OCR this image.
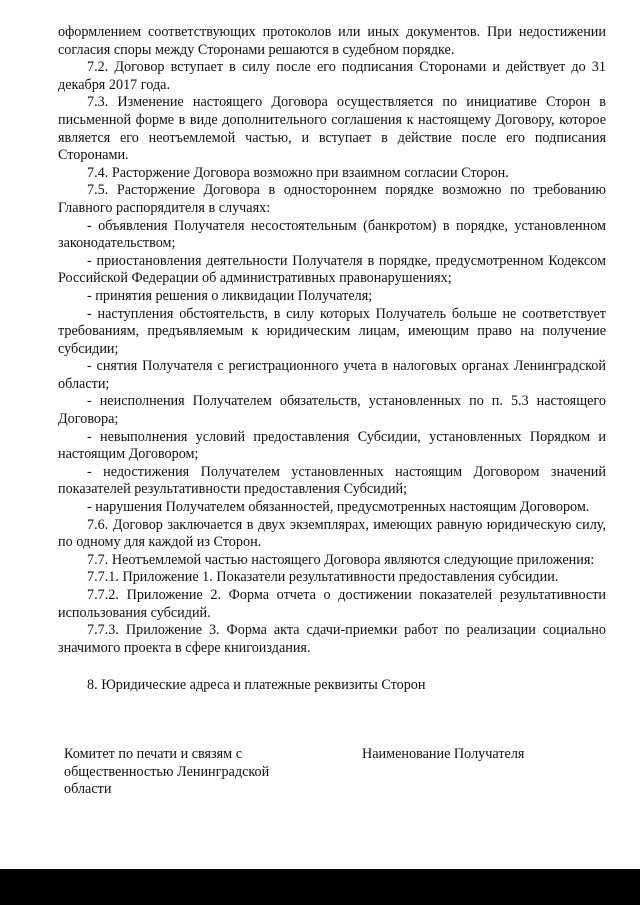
оформлением соответствующих протоколов или иных документов. При недостижении согласия споры между Сторонами решаются в судебном порядке.

7.2. Договор вступает в силу после его подписания Сторонами и действует до 31 декабря 2017 года.

7.3. Изменение настоящего Договора осуществляется по инициативе Сторон в письменной форме в виде дополнительного соглашения к настоящему Договору, которое является его неотъемлемой частью, и вступает в действие после его подписания Сторонами.

7.4. Расторжение Договора возможно при взаимном согласии Сторон.

7.5. Расторжение Договора в одностороннем порядке возможно по требованию Главного распорядителя в случаях:

- объявления Получателя несостоятельным (банкротом) в порядке, установленном законодательством;

- приостановления деятельности Получателя в порядке, предусмотренном Кодексом Российской Федерации об административных правонарушениях;

- принятия решения о ликвидации Получателя;

- наступления обстоятельств, в силу которых Получатель больше не соответствует требованиям, предъявляемым к юридическим лицам, имеющим право на получение субсидии;

- снятия Получателя с регистрационного учета в налоговых органах Ленинградской области;

- неисполнения Получателем обязательств, установленных по п. 5.3 настоящего Договора;

- невыполнения условий предоставления Субсидии, установленных Порядком и настоящим Договором;

- недостижения Получателем установленных настоящим Договором значений показателей результативности предоставления Субсидий;

- нарушения Получателем обязанностей, предусмотренных настоящим Договором.

7.6. Договор заключается в двух экземплярах, имеющих равную юридическую силу, по одному для каждой из Сторон.

7.7. Неотъемлемой частью настоящего Договора являются следующие приложения:

7.7.1. Приложение 1. Показатели результативности предоставления субсидии.

7.7.2. Приложение 2. Форма отчета о достижении показателей результативности использования субсидий.

7.7.3. Приложение 3. Форма акта сдачи-приемки работ по реализации социально значимого проекта в сфере книгоиздания.

8. Юридические адреса и платежные реквизиты Сторон

Комитет по печати и связям с общественностью Ленинградской области
Наименование Получателя
